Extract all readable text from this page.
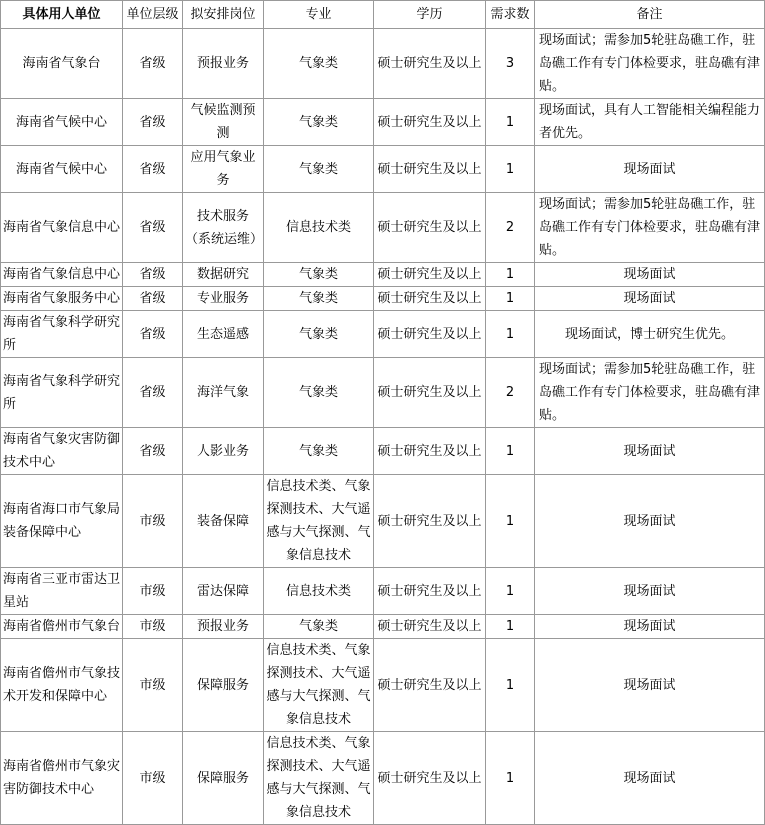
具体用人单位	单位层级	拟安排岗位	专业	学历	需求数	备注
海南省气象台	省级	预报业务	气象类	硕士研究生及以上	3	现场面试；需参加5轮驻岛礁工作，驻岛礁工作有专门体检要求，驻岛礁有津贴。
海南省气候中心	省级	气候监测预测	气象类	硕士研究生及以上	1	现场面试，具有人工智能相关编程能力者优先。
海南省气候中心	省级	应用气象业务	气象类	硕士研究生及以上	1	现场面试
海南省气象信息中心	省级	技术服务（系统运维）	信息技术类	硕士研究生及以上	2	现场面试；需参加5轮驻岛礁工作，驻岛礁工作有专门体检要求，驻岛礁有津贴。
海南省气象信息中心	省级	数据研究	气象类	硕士研究生及以上	1	现场面试
海南省气象服务中心	省级	专业服务	气象类	硕士研究生及以上	1	现场面试
海南省气象科学研究所	省级	生态遥感	气象类	硕士研究生及以上	1	现场面试，博士研究生优先。
海南省气象科学研究所	省级	海洋气象	气象类	硕士研究生及以上	2	现场面试；需参加5轮驻岛礁工作，驻岛礁工作有专门体检要求，驻岛礁有津贴。
海南省气象灾害防御技术中心	省级	人影业务	气象类	硕士研究生及以上	1	现场面试
海南省海口市气象局装备保障中心	市级	装备保障	信息技术类、气象探测技术、大气遥感与大气探测、气象信息技术	硕士研究生及以上	1	现场面试
海南省三亚市雷达卫星站	市级	雷达保障	信息技术类	硕士研究生及以上	1	现场面试
海南省儋州市气象台	市级	预报业务	气象类	硕士研究生及以上	1	现场面试
海南省儋州市气象技术开发和保障中心	市级	保障服务	信息技术类、气象探测技术、大气遥感与大气探测、气象信息技术	硕士研究生及以上	1	现场面试
海南省儋州市气象灾害防御技术中心	市级	保障服务	信息技术类、气象探测技术、大气遥感与大气探测、气象信息技术	硕士研究生及以上	1	现场面试
